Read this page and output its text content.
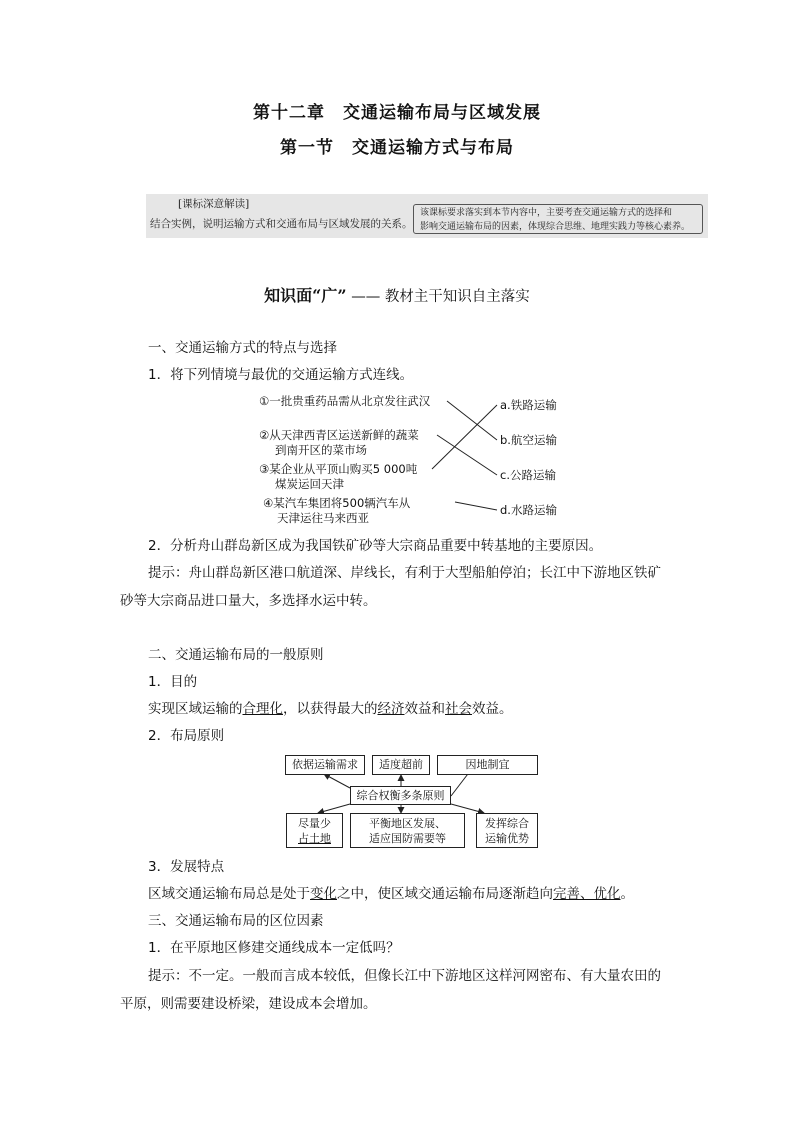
第十二章　交通运输布局与区域发展
第一节　交通运输方式与布局
[课标深意解读]
结合实例，说明运输方式和交通布局与区域发展的关系。
该课标要求落实到本节内容中，主要考查交通运输方式的选择和
影响交通运输布局的因素，体现综合思维、地理实践力等核心素养。
知识面“广” —— 教材主干知识自主落实
一、交通运输方式的特点与选择
1．将下列情境与最优的交通运输方式连线。
①一批贵重药品需从北京发往武汉
②从天津西青区运送新鲜的蔬菜
到南开区的菜市场
③某企业从平顶山购买5 000吨
煤炭运回天津
④某汽车集团将500辆汽车从
天津运往马来西亚
a.铁路运输
b.航空运输
c.公路运输
d.水路运输
2．分析舟山群岛新区成为我国铁矿砂等大宗商品重要中转基地的主要原因。
提示：舟山群岛新区港口航道深、岸线长，有利于大型船舶停泊；长江中下游地区铁矿
砂等大宗商品进口量大，多选择水运中转。
二、交通运输布局的一般原则
1．目的
实现区域运输的合理化，以获得最大的经济效益和社会效益。
2．布局原则
依据运输需求	适度超前	因地制宜
综合权衡多条原则
尽量少
占土地
平衡地区发展、
适应国防需要等
发挥综合
运输优势
3．发展特点
区域交通运输布局总是处于变化之中，使区域交通运输布局逐渐趋向完善、优化。
三、交通运输布局的区位因素
1．在平原地区修建交通线成本一定低吗？
提示：不一定。一般而言成本较低，但像长江中下游地区这样河网密布、有大量农田的
平原，则需要建设桥梁，建设成本会增加。
